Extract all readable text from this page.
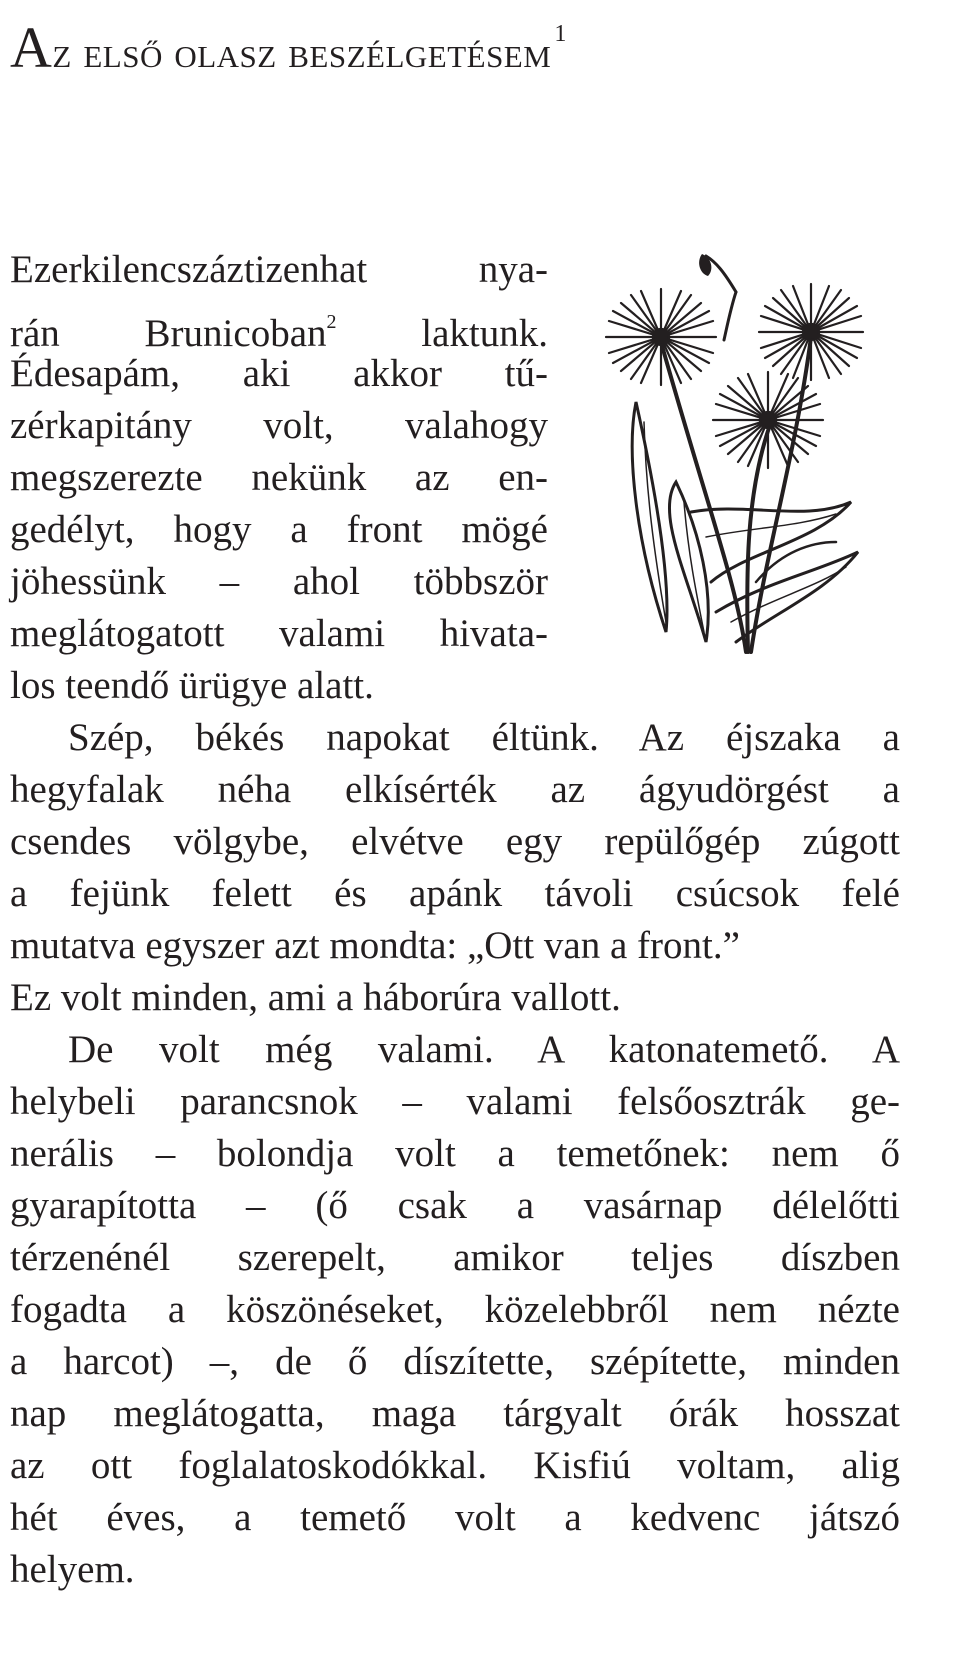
Az első olasz beszélgetésem $^1$
Ezerkilencszáztizenhat nya-
rán Brunicoban$^2$ laktunk.
Édesapám, aki akkor tű-
zérkapitány volt, valahogy
megszerezte nekünk az en-
gedélyt, hogy a front mögé
jöhessünk – ahol többször
meglátogatott valami hivata-
los teendő ürügye alatt.
Szép, békés napokat éltünk. Az éjszaka a
hegyfalak néha elkísérték az ágyudörgést a
csendes völgybe, elvétve egy repülőgép zúgott
a fejünk felett és apánk távoli csúcsok felé
mutatva egyszer azt mondta: „Ott van a front.”
Ez volt minden, ami a háborúra vallott.
De volt még valami. A katonatemető. A
helybeli parancsnok – valami felsőosztrák ge-
nerális – bolondja volt a temetőnek: nem ő
gyarapította – (ő csak a vasárnap délelőtti
térzenénél szerepelt, amikor teljes díszben
fogadta a köszönéseket, közelebbről nem nézte
a harcot) –, de ő díszítette, szépítette, minden
nap meglátogatta, maga tárgyalt órák hosszat
az ott foglalatoskodókkal. Kisfiú voltam, alig
hét éves, a temető volt a kedvenc játszó
helyem.
